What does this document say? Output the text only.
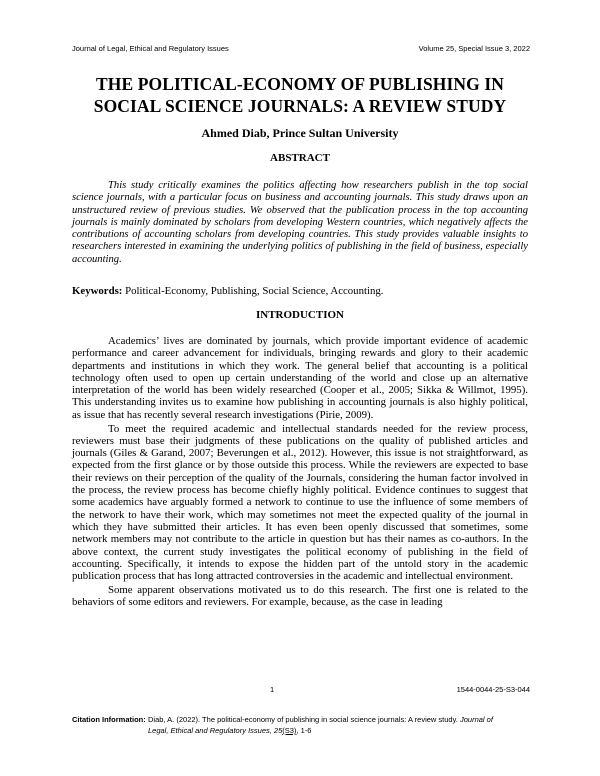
Journal of Legal, Ethical and Regulatory Issues	Volume 25, Special Issue 3, 2022
THE POLITICAL-ECONOMY OF PUBLISHING IN
SOCIAL SCIENCE JOURNALS: A REVIEW STUDY
Ahmed Diab, Prince Sultan University
ABSTRACT

This study critically examines the politics affecting how researchers publish in the top social science journals, with a particular focus on business and accounting journals. This study draws upon an unstructured review of previous studies. We observed that the publication process in the top accounting journals is mainly dominated by scholars from developing Western countries, which negatively affects the contributions of accounting scholars from developing countries. This study provides valuable insights to researchers interested in examining the underlying politics of publishing in the field of business, especially accounting.

Keywords: Political-Economy, Publishing, Social Science, Accounting.
INTRODUCTION

Academics’ lives are dominated by journals, which provide important evidence of academic performance and career advancement for individuals, bringing rewards and glory to their academic departments and institutions in which they work. The general belief that accounting is a political technology often used to open up certain understanding of the world and close up an alternative interpretation of the world has been widely researched (Cooper et al., 2005; Sikka & Willmot, 1995). This understanding invites us to examine how publishing in accounting journals is also highly political, as issue that has recently several research investigations (Pirie, 2009).

To meet the required academic and intellectual standards needed for the review process, reviewers must base their judgments of these publications on the quality of published articles and journals (Giles & Garand, 2007; Beverungen et al., 2012). However, this issue is not straightforward, as expected from the first glance or by those outside this process. While the reviewers are expected to base their reviews on their perception of the quality of the Journals, considering the human factor involved in the process, the review process has become chiefly highly political. Evidence continues to suggest that some academics have arguably formed a network to continue to use the influence of some members of the network to have their work, which may sometimes not meet the expected quality of the journal in which they have submitted their articles. It has even been openly discussed that sometimes, some network members may not contribute to the article in question but has their names as co-authors. In the above context, the current study investigates the political economy of publishing in the field of accounting. Specifically, it intends to expose the hidden part of the untold story in the academic publication process that has long attracted controversies in the academic and intellectual environment.

Some apparent observations motivated us to do this research. The first one is related to the behaviors of some editors and reviewers. For example, because, as the case in leading

1	1544-0044-25-S3-044
Citation Information: Diab, A. (2022). The political-economy of publishing in social science journals: A review study. Journal of
Legal, Ethical and Regulatory Issues, 25(S3), 1-6
